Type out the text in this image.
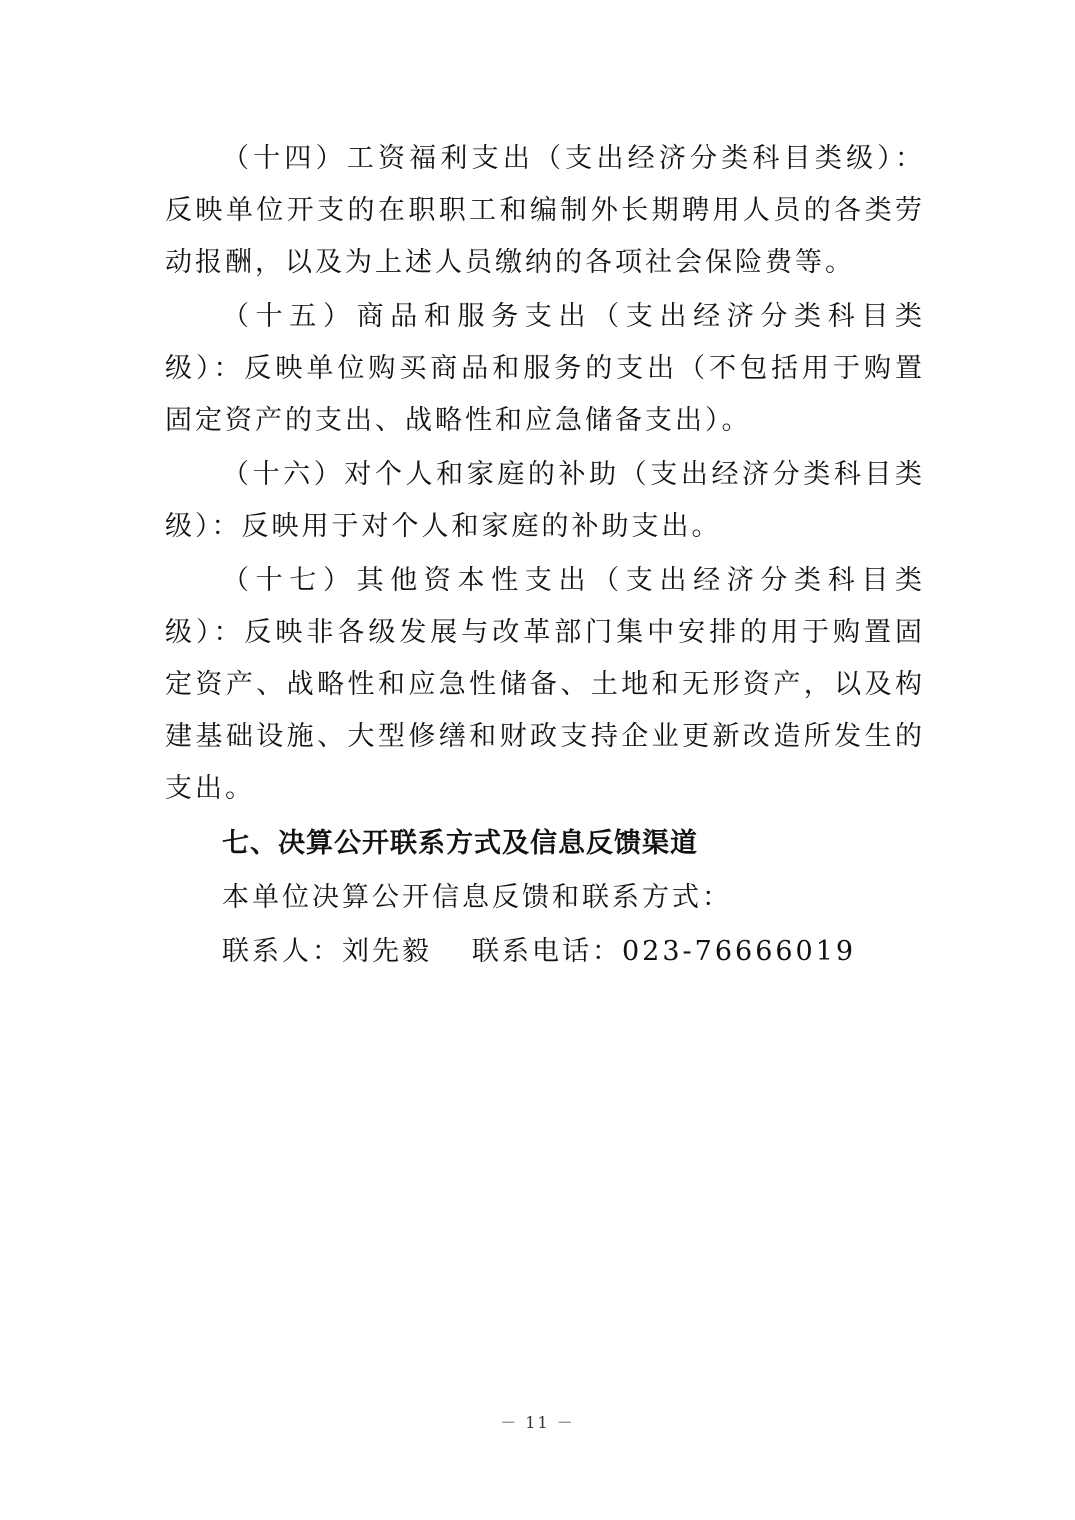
（十四）工资福利支出（支出经济分类科目类级）：反映单位开支的在职职工和编制外长期聘用人员的各类劳动报酬，以及为上述人员缴纳的各项社会保险费等。

（十五）商品和服务支出（支出经济分类科目类级）：反映单位购买商品和服务的支出（不包括用于购置固定资产的支出、战略性和应急储备支出）。

（十六）对个人和家庭的补助（支出经济分类科目类级）：反映用于对个人和家庭的补助支出。

（十七）其他资本性支出（支出经济分类科目类级）：反映非各级发展与改革部门集中安排的用于购置固定资产、战略性和应急性储备、土地和无形资产，以及构建基础设施、大型修缮和财政支持企业更新改造所发生的支出。

七、决算公开联系方式及信息反馈渠道

本单位决算公开信息反馈和联系方式：

联系人：刘先毅 联系电话：023-76666019

－ 11 －
